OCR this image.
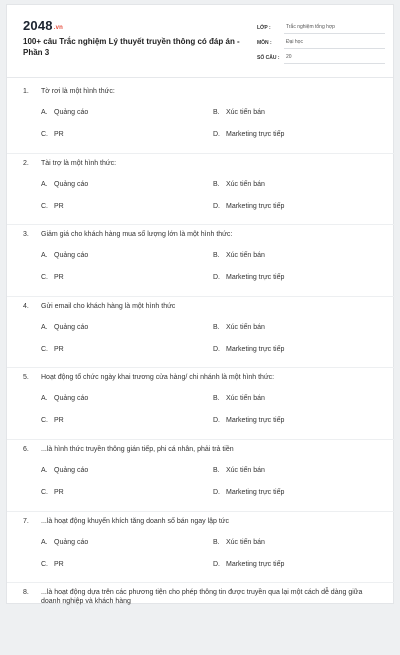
2048.vn
100+ câu Trắc nghiệm Lý thuyết truyền thông có đáp án - Phần 3
LỚP :	Trắc nghiệm tổng hợp
MÔN :	Đại học
SỐ CÂU :	20
1.	Tờ rơi là một hình thức:
A. Quảng cáo	B. Xúc tiến bán
C. PR	D. Marketing trực tiếp
2.	Tài trợ là một hình thức:
A. Quảng cáo	B. Xúc tiến bán
C. PR	D. Marketing trực tiếp
3.	Giảm giá cho khách hàng mua số lượng lớn là một hình thức:
A. Quảng cáo	B. Xúc tiến bán
C. PR	D. Marketing trực tiếp
4.	Gửi email cho khách hàng là một hình thức
A. Quảng cáo	B. Xúc tiến bán
C. PR	D. Marketing trực tiếp
5.	Hoạt động tổ chức ngày khai trương cửa hàng/ chi nhánh là một hình thức:
A. Quảng cáo	B. Xúc tiến bán
C. PR	D. Marketing trực tiếp
6.	...là hình thức truyền thông gián tiếp, phi cá nhân, phải trả tiền
A. Quảng cáo	B. Xúc tiến bán
C. PR	D. Marketing trực tiếp
7.	...là hoạt động khuyến khích tăng doanh số bán ngay lập tức
A. Quảng cáo	B. Xúc tiến bán
C. PR	D. Marketing trực tiếp
8.	...là hoạt động dựa trên các phương tiện cho phép thông tin được truyền qua lại một cách dễ dàng giữa doanh nghiệp và khách hàng
